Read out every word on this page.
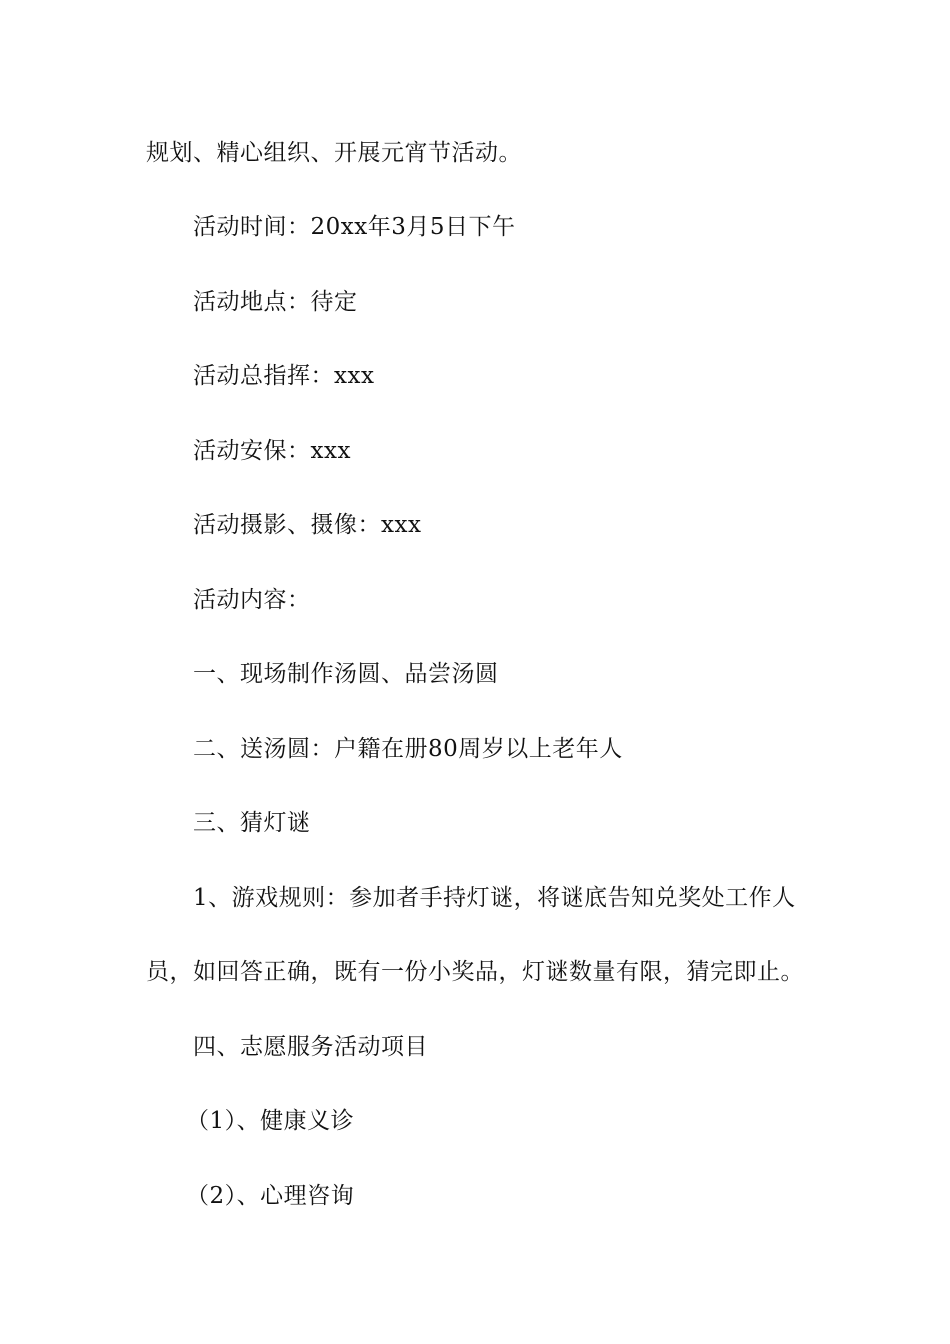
规划、精心组织、开展元宵节活动。
活动时间：20xx年3月5日下午
活动地点：待定
活动总指挥：xxx
活动安保：xxx
活动摄影、摄像：xxx
活动内容：
一、现场制作汤圆、品尝汤圆
二、送汤圆：户籍在册80周岁以上老年人
三、猜灯谜
1、游戏规则：参加者手持灯谜，将谜底告知兑奖处工作人
员，如回答正确，既有一份小奖品，灯谜数量有限，猜完即止。
四、志愿服务活动项目
（1）、健康义诊
（2）、心理咨询
